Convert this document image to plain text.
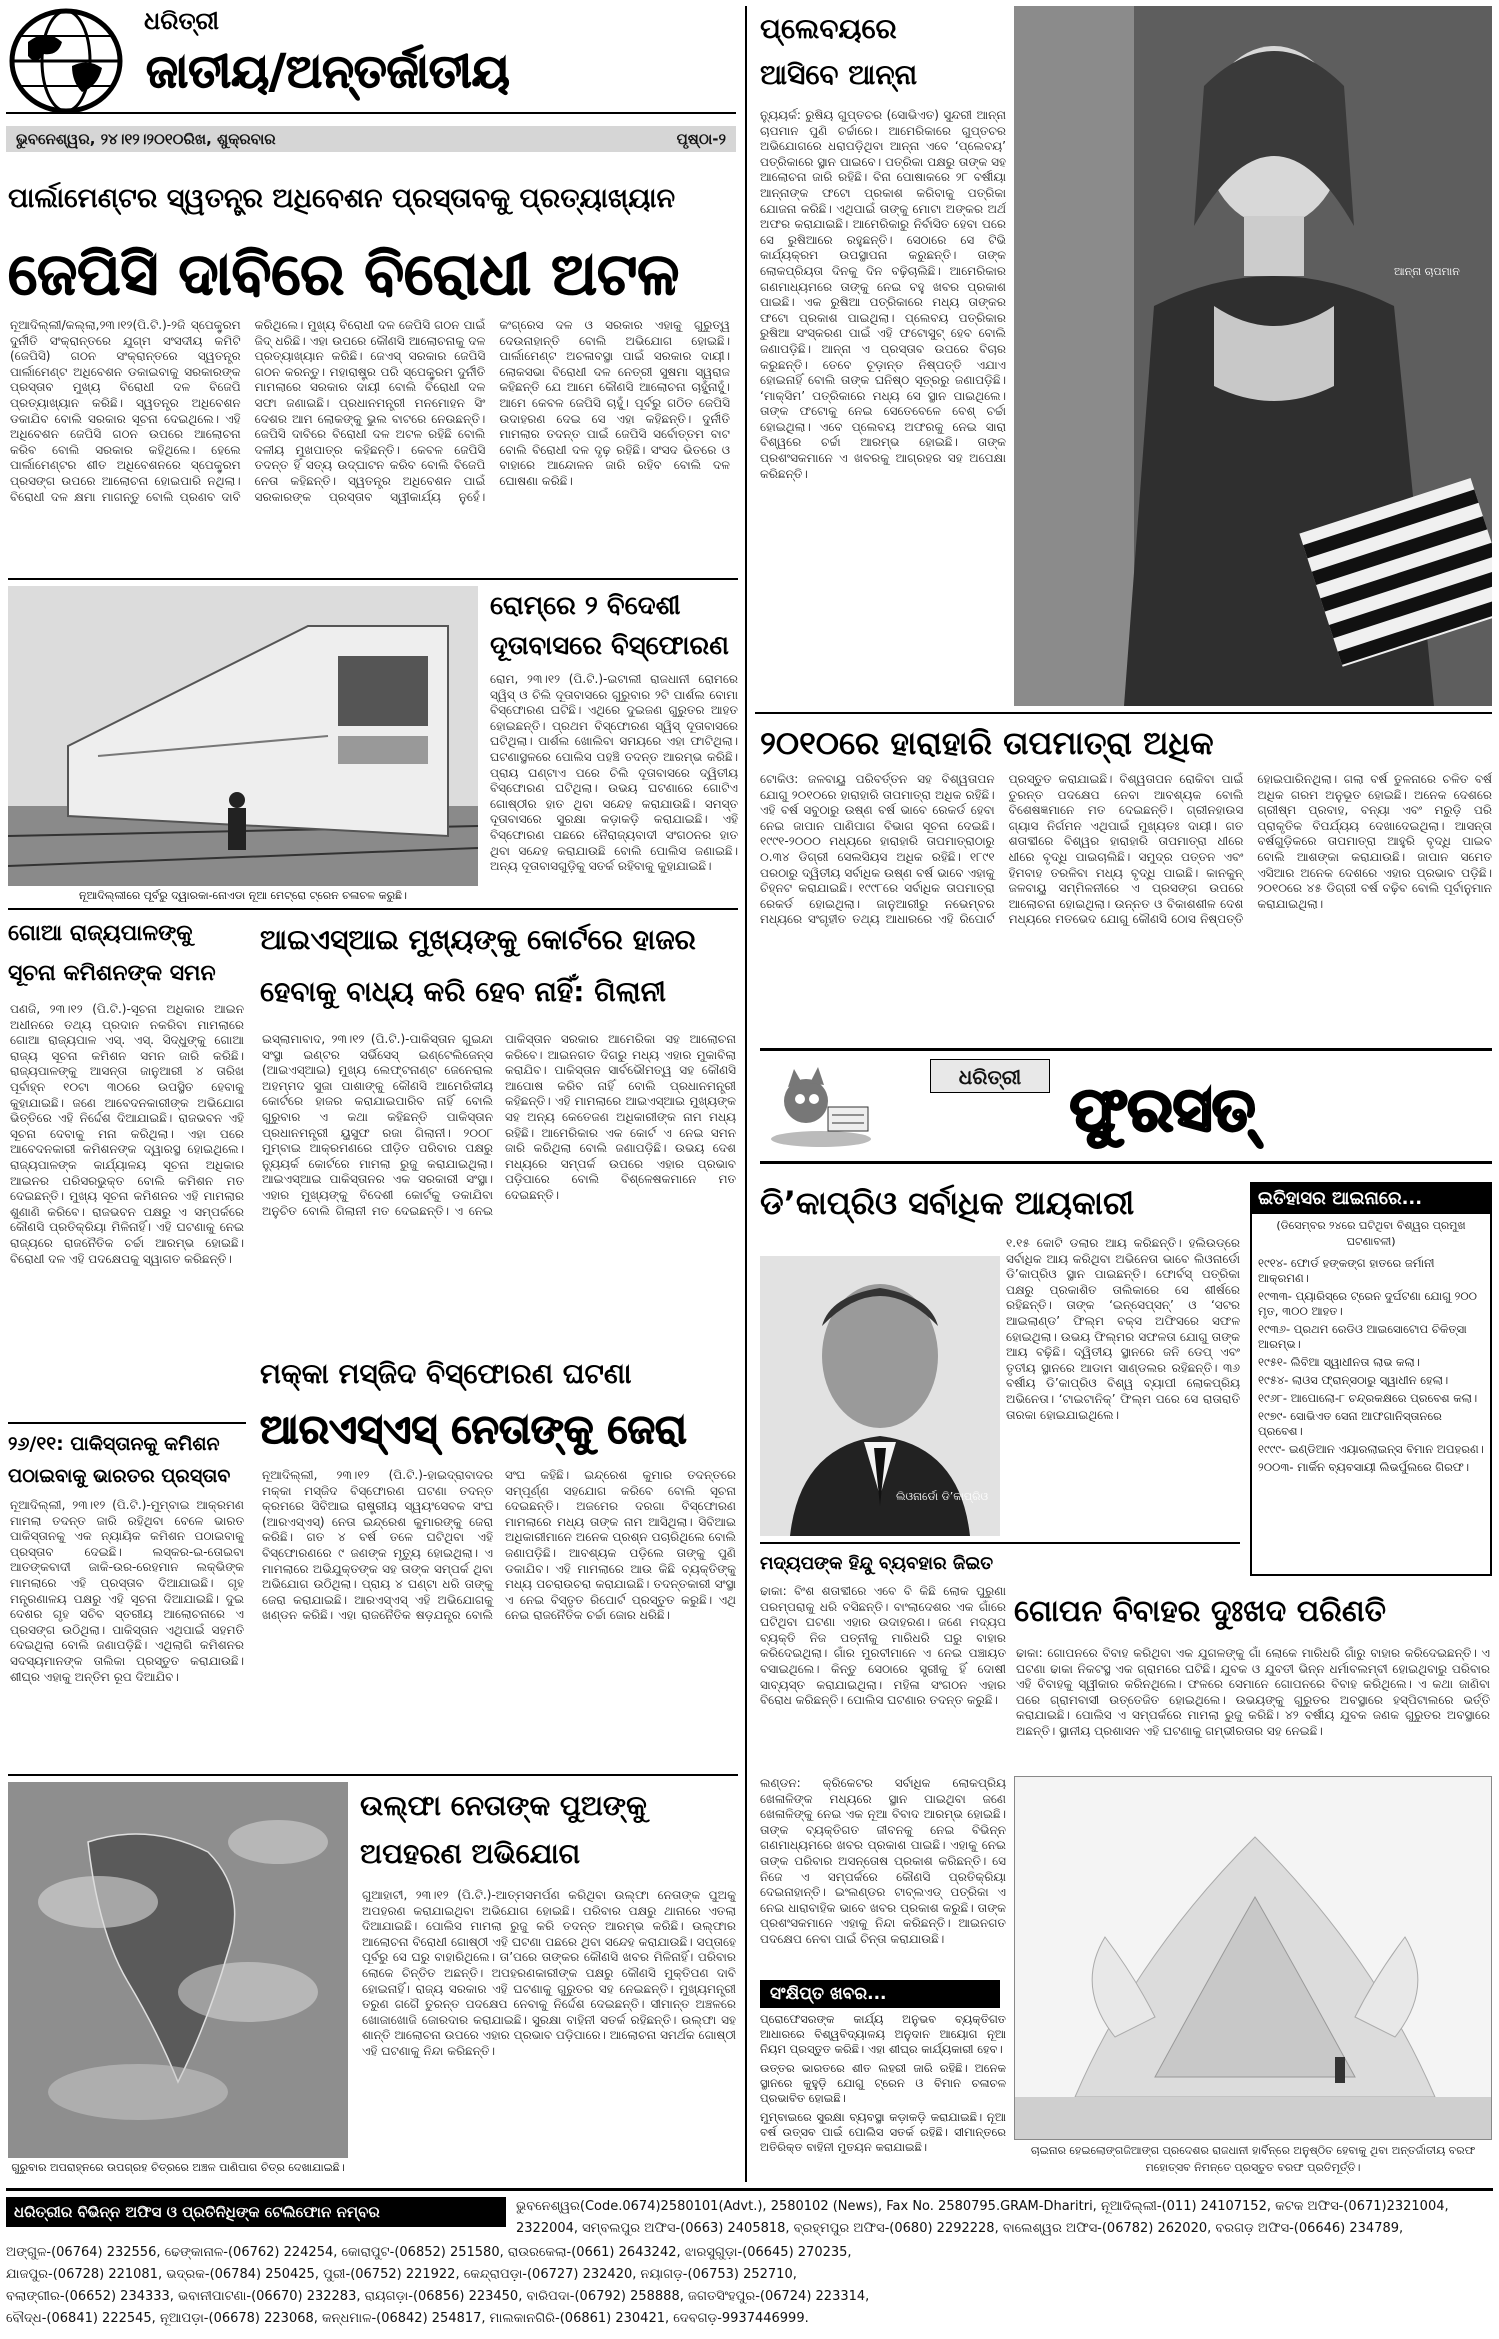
ଧରିତ୍ରୀ
ଜାତୀୟ/ଅନ୍ତର୍ଜାତୀୟ
ଭୁବନେଶ୍ୱର, ୨୪।୧୨।୨୦୧୦ରିଖ, ଶୁକ୍ରବାର	ପୃଷ୍ଠା-୨
ପାର୍ଲାମେଣ୍ଟର ସ୍ୱତନ୍ତ୍ର ଅଧିବେଶନ ପ୍ରସ୍ତାବକୁ ପ୍ରତ୍ୟାଖ୍ୟାନ
ଜେପିସି ଦାବିରେ ବିରୋଧୀ ଅଟଳ
ନୂଆଦିଲ୍ଲୀ/କଲ୍ଲା,୨୩।୧୨(ପି.ଟି.)-୨ଜି ସ୍ପେକ୍ଟ୍ରମ ଦୁର୍ନୀତି ସଂକ୍ରାନ୍ତରେ ଯୁଗ୍ମ ସଂସଦୀୟ କମିଟି (ଜେପିସି) ଗଠନ ସଂକ୍ରାନ୍ତରେ ସ୍ୱତନ୍ତ୍ର ପାର୍ଲାମେଣ୍ଟ ଅଧିବେଶନ ଡକାଇବାକୁ ସରକାରଙ୍କ ପ୍ରସ୍ତାବ ମୁଖ୍ୟ ବିରୋଧୀ ଦଳ ବିଜେପି ପ୍ରତ୍ୟାଖ୍ୟାନ କରିଛି। ସ୍ୱତନ୍ତ୍ର ଅଧିବେଶନ ଡକାଯିବ ବୋଲି ସରକାର ସୂଚନା ଦେଇଥିଲେ। ଏହି ଅଧିବେଶନ ଜେପିସି ଗଠନ ଉପରେ ଆଲୋଚନା କରିବ ବୋଲି ସରକାର କହିଥିଲେ। ହେଲେ ପାର୍ଲାମେଣ୍ଟର ଶୀତ ଅଧିବେଶନରେ ସ୍ପେକ୍ଟ୍ରମ ପ୍ରସଙ୍ଗ ଉପରେ ଆଲୋଚନା ହୋଇପାରି ନଥିଲା। ବିରୋଧୀ ଦଳ କ୍ଷମା ମାଗନ୍ତୁ ବୋଲି ପ୍ରଣବ ଦାବି କରିଥିଲେ। ମୁଖ୍ୟ ବିରୋଧୀ ଦଳ ଜେପିସି ଗଠନ ପାଇଁ ଜିଦ୍‌ ଧରିଛି। ଏହା ଉପରେ କୌଣସି ଆଲୋଚନାକୁ ଦଳ ପ୍ରତ୍ୟାଖ୍ୟାନ କରିଛି। ଜେଏସ୍‌ ସରକାର ଜେପିସି ଗଠନ କରନ୍ତୁ। ମହାରାଷ୍ଟ୍ର ପରି ସ୍ପେକ୍ଟ୍ରମ ଦୁର୍ନୀତି ମାମଲାରେ ସରକାର ଦାୟୀ ବୋଲି ବିରୋଧୀ ଦଳ ସଫା ଜଣାଇଛି। ପ୍ରଧାନମନ୍ତ୍ରୀ ମନମୋହନ ସିଂ ଦେଶର ଆମ ଲୋକଙ୍କୁ ଭୁଲ ବାଟରେ ନେଉଛନ୍ତି। ଜେପିସି ଦାବିରେ ବିରୋଧୀ ଦଳ ଅଟଳ ରହିଛି ବୋଲି ଦଳୀୟ ମୁଖପାତ୍ର କହିଛନ୍ତି। କେବଳ ଜେପିସି ତଦନ୍ତ ହିଁ ସତ୍ୟ ଉଦ୍‌ଘାଟନ କରିବ ବୋଲି ବିଜେପି ନେତା କହିଛନ୍ତି। ସ୍ୱତନ୍ତ୍ର ଅଧିବେଶନ ପାଇଁ ସରକାରଙ୍କ ପ୍ରସ୍ତାବ ସ୍ୱୀକାର୍ଯ୍ୟ ନୁହେଁ। କଂଗ୍ରେସ ଦଳ ଓ ସରକାର ଏହାକୁ ଗୁରୁତ୍ୱ ଦେଉନାହାନ୍ତି ବୋଲି ଅଭିଯୋଗ ହୋଇଛି। ପାର୍ଲାମେଣ୍ଟ ଅଚଳାବସ୍ଥା ପାଇଁ ସରକାର ଦାୟୀ। ଲୋକସଭା ବିରୋଧୀ ଦଳ ନେତ୍ରୀ ସୁଷମା ସ୍ୱରାଜ କହିଛନ୍ତି ଯେ ଆମେ କୌଣସି ଆଲୋଚନା ଚାହୁଁନାହୁଁ। ଆମେ କେବଳ ଜେପିସି ଚାହୁଁ। ପୂର୍ବରୁ ଗଠିତ ଜେପିସି ଉଦାହରଣ ଦେଇ ସେ ଏହା କହିଛନ୍ତି। ଦୁର୍ନୀତି ମାମଲାର ତଦନ୍ତ ପାଇଁ ଜେପିସି ସର୍ବୋତ୍ତମ ବାଟ ବୋଲି ବିରୋଧୀ ଦଳ ଦୃଢ଼ ରହିଛି। ସଂସଦ ଭିତରେ ଓ ବାହାରେ ଆନ୍ଦୋଳନ ଜାରି ରହିବ ବୋଲି ଦଳ ଘୋଷଣା କରିଛି।
ନୂଆଦିଲ୍ଲୀରେ ପୂର୍ବରୁ ଦ୍ୱାରକା-ନୋଏଡା ନୂଆ ମେଟ୍ରୋ ଟ୍ରେନ ଚଳାଚଳ କରୁଛି।
ରୋମ୍‌ରେ ୨ ବିଦେଶୀ
ଦୂତାବାସରେ ବିସ୍ଫୋରଣ
ରୋମ, ୨୩।୧୨ (ପି.ଟି.)-ଇଟାଲୀ ରାଜଧାନୀ ରୋମରେ ସ୍ୱିସ୍ ଓ ଚିଲି ଦୂତାବାସରେ ଗୁରୁବାର ୨ଟି ପାର୍ଶଲ ବୋମା ବିସ୍ଫୋରଣ ଘଟିଛି। ଏଥିରେ ଦୁଇଜଣ ଗୁରୁତର ଆହତ ହୋଇଛନ୍ତି। ପ୍ରଥମ ବିସ୍ଫୋରଣ ସ୍ୱିସ୍ ଦୂତାବାସରେ ଘଟିଥିଲା। ପାର୍ଶଲ ଖୋଲିବା ସମୟରେ ଏହା ଫାଟିଥିଲା। ଘଟଣାସ୍ଥଳରେ ପୋଲିସ ପହଞ୍ଚି ତଦନ୍ତ ଆରମ୍ଭ କରିଛି। ପ୍ରାୟ ଘଣ୍ଟାଏ ପରେ ଚିଲି ଦୂତାବାସରେ ଦ୍ୱିତୀୟ ବିସ୍ଫୋରଣ ଘଟିଥିଲା। ଉଭୟ ଘଟଣାରେ ଗୋଟିଏ ଗୋଷ୍ଠୀର ହାତ ଥିବା ସନ୍ଦେହ କରାଯାଉଛି। ସମସ୍ତ ଦୂତାବାସରେ ସୁରକ୍ଷା କଡ଼ାକଡ଼ି କରାଯାଇଛି। ଏହି ବିସ୍ଫୋରଣ ପଛରେ ନୈରାଜ୍ୟବାଦୀ ସଂଗଠନର ହାତ ଥିବା ସନ୍ଦେହ କରାଯାଉଛି ବୋଲି ପୋଲିସ ଜଣାଇଛି। ଅନ୍ୟ ଦୂତାବାସଗୁଡ଼ିକୁ ସତର୍କ ରହିବାକୁ କୁହାଯାଇଛି।
ଗୋଆ ରାଜ୍ୟପାଳଙ୍କୁ
ସୂଚନା କମିଶନଙ୍କ ସମନ
ପଣଜି, ୨୩।୧୨ (ପି.ଟି.)-ସୂଚନା ଅଧିକାର ଆଇନ ଅଧୀନରେ ତଥ୍ୟ ପ୍ରଦାନ ନକରିବା ମାମଲାରେ ଗୋଆ ରାଜ୍ୟପାଳ ଏସ୍. ଏସ୍. ସିଦ୍ଧୁଙ୍କୁ ଗୋଆ ରାଜ୍ୟ ସୂଚନା କମିଶନ ସମନ ଜାରି କରିଛି। ରାଜ୍ୟପାଳଙ୍କୁ ଆସନ୍ତା ଜାନୁଆରୀ ୪ ତାରିଖ ପୂର୍ବାହ୍ନ ୧୦ଟା ୩୦ରେ ଉପସ୍ଥିତ ହେବାକୁ କୁହାଯାଇଛି। ଜଣେ ଆବେଦନକାରୀଙ୍କ ଅଭିଯୋଗ ଭିତ୍ତିରେ ଏହି ନିର୍ଦ୍ଦେଶ ଦିଆଯାଇଛି। ରାଜଭବନ ଏହି ସୂଚନା ଦେବାକୁ ମନା କରିଥିଲା। ଏହା ପରେ ଆବେଦନକାରୀ କମିଶନଙ୍କ ଦ୍ୱାରସ୍ଥ ହୋଇଥିଲେ। ରାଜ୍ୟପାଳଙ୍କ କାର୍ଯ୍ୟାଳୟ ସୂଚନା ଅଧିକାର ଆଇନର ପରିସରଭୁକ୍ତ ବୋଲି କମିଶନ ମତ ଦେଇଛନ୍ତି। ମୁଖ୍ୟ ସୂଚନା କମିଶନର ଏହି ମାମଲାର ଶୁଣାଣି କରିବେ। ରାଜଭବନ ପକ୍ଷରୁ ଏ ସମ୍ପର୍କରେ କୌଣସି ପ୍ରତିକ୍ରିୟା ମିଳିନାହିଁ। ଏହି ଘଟଣାକୁ ନେଇ ରାଜ୍ୟରେ ରାଜନୈତିକ ଚର୍ଚ୍ଚା ଆରମ୍ଭ ହୋଇଛି। ବିରୋଧୀ ଦଳ ଏହି ପଦକ୍ଷେପକୁ ସ୍ୱାଗତ କରିଛନ୍ତି।
ଆଇଏସ୍ଆଇ ମୁଖ୍ୟଙ୍କୁ କୋର୍ଟରେ ହାଜର
ହେବାକୁ ବାଧ୍ୟ କରି ହେବ ନାହିଁ: ଗିଲାନୀ
ଇସ୍‌ଲାମାବାଦ, ୨୩।୧୨ (ପି.ଟି.)-ପାକିସ୍ତାନ ଗୁଇନ୍ଦା ସଂସ୍ଥା ଇଣ୍ଟର ସର୍ଭିସେସ୍‌ ଇଣ୍ଟେଲିଜେନ୍ସ (ଆଇଏସ୍ଆଇ) ମୁଖ୍ୟ ଲେଫ୍ଟନାଣ୍ଟ ଜେନେରାଲ ଅହମ୍ମଦ ସୁଜା ପାଶାଙ୍କୁ କୌଣସି ଆମେରିକୀୟ କୋର୍ଟରେ ହାଜର କରାଯାଇପାରିବ ନାହିଁ ବୋଲି ଗୁରୁବାର ଏ କଥା କହିଛନ୍ତି ପାକିସ୍ତାନ ପ୍ରଧାନମନ୍ତ୍ରୀ ୟୁସୁଫ ରଜା ଗିଲାନୀ। ୨୦୦୮ ମୁମ୍ବାଇ ଆକ୍ରମଣରେ ପୀଡ଼ିତ ପରିବାର ପକ୍ଷରୁ ନ୍ୟୁୟର୍କ କୋର୍ଟରେ ମାମଲା ରୁଜୁ କରାଯାଇଥିଲା। ଆଇଏସ୍ଆଇ ପାକିସ୍ତାନର ଏକ ସରକାରୀ ସଂସ୍ଥା। ଏହାର ମୁଖ୍ୟଙ୍କୁ ବିଦେଶୀ କୋର୍ଟକୁ ଡକାଯିବା ଅନୁଚିତ ବୋଲି ଗିଲାନୀ ମତ ଦେଇଛନ୍ତି। ଏ ନେଇ ପାକିସ୍ତାନ ସରକାର ଆମେରିକା ସହ ଆଲୋଚନା କରିବେ। ଆଇନଗତ ଦିଗରୁ ମଧ୍ୟ ଏହାର ମୁକାବିଲା କରାଯିବ। ପାକିସ୍ତାନ ସାର୍ବଭୌମତ୍ୱ ସହ କୌଣସି ଆପୋଷ କରିବ ନାହିଁ ବୋଲି ପ୍ରଧାନମନ୍ତ୍ରୀ କହିଛନ୍ତି। ଏହି ମାମଲାରେ ଆଇଏସ୍ଆଇ ମୁଖ୍ୟଙ୍କ ସହ ଅନ୍ୟ କେତେଜଣ ଅଧିକାରୀଙ୍କ ନାମ ମଧ୍ୟ ରହିଛି। ଆମେରିକାର ଏକ କୋର୍ଟ ଏ ନେଇ ସମନ ଜାରି କରିଥିଲା ବୋଲି ଜଣାପଡ଼ିଛି। ଉଭୟ ଦେଶ ମଧ୍ୟରେ ସମ୍ପର୍କ ଉପରେ ଏହାର ପ୍ରଭାବ ପଡ଼ିପାରେ ବୋଲି ବିଶ୍ଳେଷକମାନେ ମତ ଦେଇଛନ୍ତି।
ମକ୍କା ମସ୍‌ଜିଦ ବିସ୍ଫୋରଣ ଘଟଣା
ଆରଏସ୍ଏସ୍ ନେତାଙ୍କୁ ଜେରା
ନୂଆଦିଲ୍ଲୀ, ୨୩।୧୨ (ପି.ଟି.)-ହାଇଦ୍ରାବାଦର ମକ୍କା ମସ୍‌ଜିଦ ବିସ୍ଫୋରଣ ଘଟଣା ତଦନ୍ତ କ୍ରମରେ ସିବିଆଇ ରାଷ୍ଟ୍ରୀୟ ସ୍ୱୟଂସେବକ ସଂଘ (ଆରଏସ୍ଏସ୍) ନେତା ଇନ୍ଦ୍ରେଶ କୁମାରଙ୍କୁ ଜେରା କରିଛି। ଗତ ୪ ବର୍ଷ ତଳେ ଘଟିଥିବା ଏହି ବିସ୍ଫୋରଣରେ ୯ ଜଣଙ୍କ ମୃତ୍ୟୁ ହୋଇଥିଲା। ଏ ମାମଲାରେ ଅଭିଯୁକ୍ତଙ୍କ ସହ ତାଙ୍କ ସମ୍ପର୍କ ଥିବା ଅଭିଯୋଗ ଉଠିଥିଲା। ପ୍ରାୟ ୪ ଘଣ୍ଟା ଧରି ତାଙ୍କୁ ଜେରା କରାଯାଇଛି। ଆରଏସ୍ଏସ୍ ଏହି ଅଭିଯୋଗକୁ ଖଣ୍ଡନ କରିଛି। ଏହା ରାଜନୈତିକ ଷଡ଼ଯନ୍ତ୍ର ବୋଲି ସଂଘ କହିଛି। ଇନ୍ଦ୍ରେଶ କୁମାର ତଦନ୍ତରେ ସମ୍ପୂର୍ଣ୍ଣ ସହଯୋଗ କରିବେ ବୋଲି ସୂଚନା ଦେଇଛନ୍ତି। ଅଜମେର ଦରଗା ବିସ୍ଫୋରଣ ମାମଲାରେ ମଧ୍ୟ ତାଙ୍କ ନାମ ଆସିଥିଲା। ସିବିଆଇ ଅଧିକାରୀମାନେ ଅନେକ ପ୍ରଶ୍ନ ପଚାରିଥିଲେ ବୋଲି ଜଣାପଡ଼ିଛି। ଆବଶ୍ୟକ ପଡ଼ିଲେ ତାଙ୍କୁ ପୁଣି ଡକାଯିବ। ଏହି ମାମଲାରେ ଆଉ କିଛି ବ୍ୟକ୍ତିଙ୍କୁ ମଧ୍ୟ ପଚରାଉଚରା କରାଯାଇଛି। ତଦନ୍ତକାରୀ ସଂସ୍ଥା ଏ ନେଇ ବିସ୍ତୃତ ରିପୋର୍ଟ ପ୍ରସ୍ତୁତ କରୁଛି। ଏଥି ନେଇ ରାଜନୈତିକ ଚର୍ଚ୍ଚା ଜୋର ଧରିଛି।
୨୬/୧୧: ପାକିସ୍ତାନକୁ କମିଶନ ପଠାଇବାକୁ ଭାରତର ପ୍ରସ୍ତାବ
ନୂଆଦିଲ୍ଲୀ, ୨୩।୧୨ (ପି.ଟି.)-ମୁମ୍ବାଇ ଆକ୍ରମଣ ମାମଲା ତଦନ୍ତ ଜାରି ରହିଥିବା ବେଳେ ଭାରତ ପାକିସ୍ତାନକୁ ଏକ ନ୍ୟାୟିକ କମିଶନ ପଠାଇବାକୁ ପ୍ରସ୍ତାବ ଦେଇଛି। ଲସ୍କର-ଇ-ତୋଇବା ଆତଙ୍କବାଦୀ ଜାକି-ଉର-ରେହମାନ ଲକ୍‌ଭିଙ୍କ ମାମଲାରେ ଏହି ପ୍ରସ୍ତାବ ଦିଆଯାଇଛି। ଗୃହ ମନ୍ତ୍ରଣାଳୟ ପକ୍ଷରୁ ଏହି ସୂଚନା ଦିଆଯାଇଛି। ଦୁଇ ଦେଶର ଗୃହ ସଚିବ ସ୍ତରୀୟ ଆଲୋଚନାରେ ଏ ପ୍ରସଙ୍ଗ ଉଠିଥିଲା। ପାକିସ୍ତାନ ଏଥିପାଇଁ ସହମତି ଦେଇଥିଲା ବୋଲି ଜଣାପଡ଼ିଛି। ଏଥିଲାଗି କମିଶନର ସଦସ୍ୟମାନଙ୍କ ତାଲିକା ପ୍ରସ୍ତୁତ କରାଯାଉଛି। ଶୀଘ୍ର ଏହାକୁ ଅନ୍ତିମ ରୂପ ଦିଆଯିବ।
ଗୁରୁବାର ଅପରାହ୍ନରେ ଉପଗ୍ରହ ଚିତ୍ରରେ ଅଞ୍ଚଳ ପାଣିପାଗ ଚିତ୍ର ଦେଖାଯାଇଛି।
ଉଲ୍‌ଫା ନେତାଙ୍କ ପୁଅଙ୍କୁ
ଅପହରଣ ଅଭିଯୋଗ
ଗୁଆହାଟୀ, ୨୩।୧୨ (ପି.ଟି.)-ଆତ୍ମସମର୍ପଣ କରିଥିବା ଉଲ୍‌ଫା ନେତାଙ୍କ ପୁଅକୁ ଅପହରଣ କରାଯାଇଥିବା ଅଭିଯୋଗ ହୋଇଛି। ପରିବାର ପକ୍ଷରୁ ଥାନାରେ ଏତଲା ଦିଆଯାଇଛି। ପୋଲିସ ମାମଲା ରୁଜୁ କରି ତଦନ୍ତ ଆରମ୍ଭ କରିଛି। ଉଲ୍‌ଫାର ଆଲୋଚନା ବିରୋଧୀ ଗୋଷ୍ଠୀ ଏହି ଘଟଣା ପଛରେ ଥିବା ସନ୍ଦେହ କରାଯାଉଛି। ସପ୍ତାହେ ପୂର୍ବରୁ ସେ ଘରୁ ବାହାରିଥିଲେ। ତା’ପରେ ତାଙ୍କର କୌଣସି ଖବର ମିଳିନାହିଁ। ପରିବାର ଲୋକେ ଚିନ୍ତିତ ଅଛନ୍ତି। ଅପହରଣକାରୀଙ୍କ ପକ୍ଷରୁ କୌଣସି ମୁକ୍ତିପଣ ଦାବି ହୋଇନାହିଁ। ରାଜ୍ୟ ସରକାର ଏହି ଘଟଣାକୁ ଗୁରୁତର ସହ ନେଇଛନ୍ତି। ମୁଖ୍ୟମନ୍ତ୍ରୀ ତରୁଣ ଗଗୈ ତୁରନ୍ତ ପଦକ୍ଷେପ ନେବାକୁ ନିର୍ଦ୍ଦେଶ ଦେଇଛନ୍ତି। ସୀମାନ୍ତ ଅଞ୍ଚଳରେ ଖୋଜାଖୋଜି ଜୋରଦାର କରାଯାଇଛି। ସୁରକ୍ଷା ବାହିନୀ ସତର୍କ ରହିଛନ୍ତି। ଉଲ୍‌ଫା ସହ ଶାନ୍ତି ଆଲୋଚନା ଉପରେ ଏହାର ପ୍ରଭାବ ପଡ଼ିପାରେ। ଆଲୋଚନା ସମର୍ଥକ ଗୋଷ୍ଠୀ ଏହି ଘଟଣାକୁ ନିନ୍ଦା କରିଛନ୍ତି।
ପ୍ଲେବୟରେ
ଆସିବେ ଆନ୍ନା
ନ୍ୟୁୟର୍କ: ରୁଷିୟ ଗୁପ୍ତଚର (ସୋଭିଏତ) ସୁନ୍ଦରୀ ଆନ୍ନା ଚାପମାନ ପୁଣି ଚର୍ଚ୍ଚାରେ। ଆମେରିକାରେ ଗୁପ୍ତଚର ଅଭିଯୋଗରେ ଧରାପଡ଼ିଥିବା ଆନ୍ନା ଏବେ ‘ପ୍ଲେବୟ’ ପତ୍ରିକାରେ ସ୍ଥାନ ପାଇବେ। ପତ୍ରିକା ପକ୍ଷରୁ ତାଙ୍କ ସହ ଆଲୋଚନା ଜାରି ରହିଛି। ବିନା ପୋଷାକରେ ୨୮ ବର୍ଷୀୟା ଆନ୍ନାଙ୍କ ଫଟୋ ପ୍ରକାଶ କରିବାକୁ ପତ୍ରିକା ଯୋଜନା କରିଛି। ଏଥିପାଇଁ ତାଙ୍କୁ ମୋଟା ଅଙ୍କର ଅର୍ଥ ଅଫର କରାଯାଇଛି। ଆମେରିକାରୁ ନିର୍ବାସିତ ହେବା ପରେ ସେ ରୁଷିଆରେ ରହୁଛନ୍ତି। ସେଠାରେ ସେ ଟିଭି କାର୍ଯ୍ୟକ୍ରମ ଉପସ୍ଥାପନା କରୁଛନ୍ତି। ତାଙ୍କ ଲୋକପ୍ରିୟତା ଦିନକୁ ଦିନ ବଢ଼ିଚାଲିଛି। ଆମେରିକାର ଗଣମାଧ୍ୟମରେ ତାଙ୍କୁ ନେଇ ବହୁ ଖବର ପ୍ରକାଶ ପାଇଛି। ଏକ ରୁଷିଆ ପତ୍ରିକାରେ ମଧ୍ୟ ତାଙ୍କର ଫଟୋ ପ୍ରକାଶ ପାଇଥିଲା। ପ୍ଲେବୟ ପତ୍ରିକାର ରୁଷିଆ ସଂସ୍କରଣ ପାଇଁ ଏହି ଫଟୋସୁଟ୍ ହେବ ବୋଲି ଜଣାପଡ଼ିଛି। ଆନ୍ନା ଏ ପ୍ରସ୍ତାବ ଉପରେ ବିଚାର କରୁଛନ୍ତି। ତେବେ ଚୂଡ଼ାନ୍ତ ନିଷ୍ପତ୍ତି ଏଯାଏ ହୋଇନାହିଁ ବୋଲି ତାଙ୍କ ଘନିଷ୍ଠ ସୂତ୍ରରୁ ଜଣାପଡ଼ିଛି। ‘ମାକ୍ସିମ’ ପତ୍ରିକାରେ ମଧ୍ୟ ସେ ସ୍ଥାନ ପାଇଥିଲେ। ତାଙ୍କ ଫଟୋକୁ ନେଇ ସେତେବେଳେ ବେଶ୍ ଚର୍ଚ୍ଚା ହୋଇଥିଲା। ଏବେ ପ୍ଲେବୟ ଅଫରକୁ ନେଇ ସାରା ବିଶ୍ୱରେ ଚର୍ଚ୍ଚା ଆରମ୍ଭ ହୋଇଛି। ତାଙ୍କ ପ୍ରଶଂସକମାନେ ଏ ଖବରକୁ ଆଗ୍ରହର ସହ ଅପେକ୍ଷା କରିଛନ୍ତି।
ଆନ୍ନା ଚାପମାନ
୨୦୧୦ରେ ହାରାହାରି ତାପମାତ୍ରା ଅଧିକ
ଟୋକିଓ: ଜଳବାୟୁ ପରିବର୍ତ୍ତନ ସହ ବିଶ୍ୱତାପନ ଯୋଗୁ ୨୦୧୦ରେ ହାରାହାରି ତାପମାତ୍ରା ଅଧିକ ରହିଛି। ଏହି ବର୍ଷ ସବୁଠାରୁ ଉଷ୍ଣ ବର୍ଷ ଭାବେ ରେକର୍ଡ ହେବା ନେଇ ଜାପାନ ପାଣିପାଗ ବିଭାଗ ସୂଚନା ଦେଇଛି। ୧୯୯୧-୨୦୦୦ ମଧ୍ୟରେ ହାରାହାରି ତାପମାତ୍ରାଠାରୁ ୦.୩୪ ଡିଗ୍ରୀ ସେଲସିୟସ ଅଧିକ ରହିଛି। ୧୮୯୧ ପରଠାରୁ ଦ୍ୱିତୀୟ ସର୍ବାଧିକ ଉଷ୍ଣ ବର୍ଷ ଭାବେ ଏହାକୁ ଚିହ୍ନଟ କରାଯାଇଛି। ୧୯୯୮ରେ ସର୍ବାଧିକ ତାପମାତ୍ରା ରେକର୍ଡ ହୋଇଥିଲା। ଜାନୁଆରୀରୁ ନଭେମ୍ବର ମଧ୍ୟରେ ସଂଗୃହୀତ ତଥ୍ୟ ଆଧାରରେ ଏହି ରିପୋର୍ଟ ପ୍ରସ୍ତୁତ କରାଯାଇଛି। ବିଶ୍ୱତାପନ ରୋକିବା ପାଇଁ ତୁରନ୍ତ ପଦକ୍ଷେପ ନେବା ଆବଶ୍ୟକ ବୋଲି ବିଶେଷଜ୍ଞମାନେ ମତ ଦେଇଛନ୍ତି। ଗ୍ରୀନହାଉସ ଗ୍ୟାସ ନିର୍ଗମନ ଏଥିପାଇଁ ମୁଖ୍ୟତଃ ଦାୟୀ। ଗତ ଶତାବ୍ଦୀରେ ବିଶ୍ୱର ହାରାହାରି ତାପମାତ୍ରା ଧୀରେ ଧୀରେ ବୃଦ୍ଧି ପାଇଚାଲିଛି। ସମୁଦ୍ର ପତ୍ତନ ଏବଂ ହିମବାହ ତରଳିବା ମଧ୍ୟ ବୃଦ୍ଧି ପାଇଛି। କାନକୁନ୍ ଜଳବାୟୁ ସମ୍ମିଳନୀରେ ଏ ପ୍ରସଙ୍ଗ ଉପରେ ଆଲୋଚନା ହୋଇଥିଲା। ଉନ୍ନତ ଓ ବିକାଶଶୀଳ ଦେଶ ମଧ୍ୟରେ ମତଭେଦ ଯୋଗୁ କୌଣସି ଠୋସ ନିଷ୍ପତ୍ତି ହୋଇପାରିନଥିଲା। ଗଲା ବର୍ଷ ତୁଳନାରେ ଚଳିତ ବର୍ଷ ଅଧିକ ଗରମ ଅନୁଭୂତ ହୋଇଛି। ଅନେକ ଦେଶରେ ଗ୍ରୀଷ୍ମ ପ୍ରବାହ, ବନ୍ୟା ଏବଂ ମରୁଡ଼ି ପରି ପ୍ରାକୃତିକ ବିପର୍ଯ୍ୟୟ ଦେଖାଦେଇଥିଲା। ଆସନ୍ତା ବର୍ଷଗୁଡ଼ିକରେ ତାପମାତ୍ରା ଆହୁରି ବୃଦ୍ଧି ପାଇବ ବୋଲି ଆଶଙ୍କା କରାଯାଉଛି। ଜାପାନ ସମେତ ଏସିଆର ଅନେକ ଦେଶରେ ଏହାର ପ୍ରଭାବ ପଡ଼ିଛି। ୨୦୧୦ରେ ୪୫ ଡିଗ୍ରୀ ବର୍ଷ ବଢ଼ିବ ବୋଲି ପୂର୍ବାନୁମାନ କରାଯାଇଥିଲା।
ଧରିତ୍ରୀ ଫୁରସତ୍
ଡି’କାପ୍ରିଓ ସର୍ବାଧିକ ଆୟକାରୀ
ଲିଓନାର୍ଡୋ ଡି’କାପ୍ରିଓ
୧.୧୫ କୋଟି ଡଲାର ଆୟ କରିଛନ୍ତି। ହଲିଉଡ୍‌ରେ ସର୍ବାଧିକ ଆୟ କରିଥିବା ଅଭିନେତା ଭାବେ ଲିଓନାର୍ଡୋ ଡି’କାପ୍ରିଓ ସ୍ଥାନ ପାଇଛନ୍ତି। ଫୋର୍ବସ୍ ପତ୍ରିକା ପକ୍ଷରୁ ପ୍ରକାଶିତ ତାଲିକାରେ ସେ ଶୀର୍ଷରେ ରହିଛନ୍ତି। ତାଙ୍କ ‘ଇନ୍‌ସେପ୍‌ସନ୍’ ଓ ‘ସଟର ଆଇଲାଣ୍ଡ’ ଫିଲ୍ମ ବକ୍ସ ଅଫିସରେ ସଫଳ ହୋଇଥିଲା। ଉଭୟ ଫିଲ୍ମର ସଫଳତା ଯୋଗୁ ତାଙ୍କ ଆୟ ବଢ଼ିଛି। ଦ୍ୱିତୀୟ ସ୍ଥାନରେ ଜନି ଡେପ୍ ଏବଂ ତୃତୀୟ ସ୍ଥାନରେ ଆଡାମ ସାଣ୍ଡଲର ରହିଛନ୍ତି। ୩୬ ବର୍ଷୀୟ ଡି’କାପ୍ରିଓ ବିଶ୍ୱ ବ୍ୟାପୀ ଲୋକପ୍ରିୟ ଅଭିନେତା। ‘ଟାଇଟାନିକ୍’ ଫିଲ୍ମ ପରେ ସେ ରାତାରାତି ତାରକା ହୋଇଯାଇଥିଲେ।
ଇତିହାସର ଆଇନାରେ...
(ଡିସେମ୍ବର ୨୪ରେ ଘଟିଥିବା ବିଶ୍ୱର ପ୍ରମୁଖ ଘଟଣାବଳୀ)
୧୯୧୪- ଫୋର୍ଡ ହଙ୍କଙ୍ଗ ହାତରେ ଜର୍ମାନୀ ଆକ୍ରମଣ।
୧୯୩୩- ପ୍ୟାରିସ୍‌ରେ ଟ୍ରେନ ଦୁର୍ଘଟଣା ଯୋଗୁ ୨୦୦ ମୃତ, ୩୦୦ ଆହତ।
୧୯୩୬- ପ୍ରଥମ ରେଡିଓ ଆଇସୋଟୋପ ଚିକିତ୍ସା ଆରମ୍ଭ।
୧୯୫୧- ଲିବିଆ ସ୍ୱାଧୀନତା ଲାଭ କଲା।
୧୯୫୪- ଲାଓସ ଫ୍ରାନ୍ସଠାରୁ ସ୍ୱାଧୀନ ହେଲା।
୧୯୬୮- ଆପୋଲୋ-୮ ଚନ୍ଦ୍ରକକ୍ଷରେ ପ୍ରବେଶ କଲା।
୧୯୭୯- ସୋଭିଏତ ସେନା ଆଫଗାନିସ୍ତାନରେ ପ୍ରବେଶ।
୧୯୯୯- ଇଣ୍ଡିଆନ ଏୟାରଲାଇନ୍ସ ବିମାନ ଅପହରଣ।
୨୦୦୩- ମାର୍କିନ ବ୍ୟବସାୟୀ ଲିଭର୍ପୁଲରେ ଗିରଫ।
ମଦ୍ୟପଙ୍କ ହିନ୍ଦୁ ବ୍ୟବହାର ଜିଇତ
ଢାକା: ବିଂଶ ଶତାବ୍ଦୀରେ ଏବେ ବି କିଛି ଲୋକ ପୁରୁଣା ପରମ୍ପରାକୁ ଧରି ବସିଛନ୍ତି। ବାଂଲାଦେଶର ଏକ ଗାଁରେ ଘଟିଥିବା ଘଟଣା ଏହାର ଉଦାହରଣ। ଜଣେ ମଦ୍ୟପ ବ୍ୟକ୍ତି ନିଜ ପତ୍ନୀକୁ ମାରିଧରି ଘରୁ ବାହାର କରିଦେଇଥିଲା। ଗାଁର ମୁରବୀମାନେ ଏ ନେଇ ପଞ୍ଚାୟତ ବସାଇଥିଲେ। କିନ୍ତୁ ସେଠାରେ ସ୍ତ୍ରୀକୁ ହିଁ ଦୋଷୀ ସାବ୍ୟସ୍ତ କରାଯାଇଥିଲା। ମହିଳା ସଂଗଠନ ଏହାର ବିରୋଧ କରିଛନ୍ତି। ପୋଲିସ ଘଟଣାର ତଦନ୍ତ କରୁଛି।
ଗୋପନ ବିବାହର ଦୁଃଖଦ ପରିଣତି
ଢାକା: ଗୋପନରେ ବିବାହ କରିଥିବା ଏକ ଯୁଗଳଙ୍କୁ ଗାଁ ଲୋକେ ମାରିଧରି ଗାଁରୁ ବାହାର କରିଦେଇଛନ୍ତି। ଏ ଘଟଣା ଢାକା ନିକଟସ୍ଥ ଏକ ଗ୍ରାମରେ ଘଟିଛି। ଯୁବକ ଓ ଯୁବତୀ ଭିନ୍ନ ଧର୍ମାବଲମ୍ବୀ ହୋଇଥିବାରୁ ପରିବାର ଏହି ବିବାହକୁ ସ୍ୱୀକାର କରିନଥିଲେ। ଫଳରେ ସେମାନେ ଗୋପନରେ ବିବାହ କରିଥିଲେ। ଏ କଥା ଜାଣିବା ପରେ ଗ୍ରାମବାସୀ ଉତ୍ତେଜିତ ହୋଇଥିଲେ। ଉଭୟଙ୍କୁ ଗୁରୁତର ଅବସ୍ଥାରେ ହସ୍ପିଟାଲରେ ଭର୍ତ୍ତି କରାଯାଇଛି। ପୋଲିସ ଏ ସମ୍ପର୍କରେ ମାମଲା ରୁଜୁ କରିଛି। ୪୨ ବର୍ଷୀୟ ଯୁବକ ଜଣକ ଗୁରୁତର ଅବସ୍ଥାରେ ଅଛନ୍ତି। ସ୍ଥାନୀୟ ପ୍ରଶାସନ ଏହି ଘଟଣାକୁ ଗମ୍ଭୀରତାର ସହ ନେଇଛି।
ଲଣ୍ଡନ: କ୍ରିକେଟର ସର୍ବାଧିକ ଲୋକପ୍ରିୟ ଖେଳାଳିଙ୍କ ମଧ୍ୟରେ ସ୍ଥାନ ପାଇଥିବା ଜଣେ ଖେଳାଳିଙ୍କୁ ନେଇ ଏକ ନୂଆ ବିବାଦ ଆରମ୍ଭ ହୋଇଛି। ତାଙ୍କ ବ୍ୟକ୍ତିଗତ ଜୀବନକୁ ନେଇ ବିଭିନ୍ନ ଗଣମାଧ୍ୟମରେ ଖବର ପ୍ରକାଶ ପାଇଛି। ଏହାକୁ ନେଇ ତାଙ୍କ ପରିବାର ଅସନ୍ତୋଷ ପ୍ରକାଶ କରିଛନ୍ତି। ସେ ନିଜେ ଏ ସମ୍ପର୍କରେ କୌଣସି ପ୍ରତିକ୍ରିୟା ଦେଇନାହାନ୍ତି। ଇଂଲଣ୍ଡର ଟାବ୍‌ଲଏଡ୍ ପତ୍ରିକା ଏ ନେଇ ଧାରାବାହିକ ଭାବେ ଖବର ପ୍ରକାଶ କରୁଛି। ତାଙ୍କ ପ୍ରଶଂସକମାନେ ଏହାକୁ ନିନ୍ଦା କରିଛନ୍ତି। ଆଇନଗତ ପଦକ୍ଷେପ ନେବା ପାଇଁ ଚିନ୍ତା କରାଯାଉଛି।
ସଂକ୍ଷିପ୍ତ ଖବର...
ପ୍ରୋଫେସରଙ୍କ କାର୍ଯ୍ୟ ଅନୁଭବ ବ୍ୟକ୍ତିଗତ ଆଧାରରେ ବିଶ୍ୱବିଦ୍ୟାଳୟ ଅନୁଦାନ ଆୟୋଗ ନୂଆ ନିୟମ ପ୍ରସ୍ତୁତ କରିଛି। ଏହା ଶୀଘ୍ର କାର୍ଯ୍ୟକାରୀ ହେବ।
ଉତ୍ତର ଭାରତରେ ଶୀତ ଲହରୀ ଜାରି ରହିଛି। ଅନେକ ସ୍ଥାନରେ କୁହୁଡ଼ି ଯୋଗୁ ଟ୍ରେନ ଓ ବିମାନ ଚଳାଚଳ ପ୍ରଭାବିତ ହୋଇଛି।
ମୁମ୍ବାଇରେ ସୁରକ୍ଷା ବ୍ୟବସ୍ଥା କଡ଼ାକଡ଼ି କରାଯାଇଛି। ନୂଆ ବର୍ଷ ଉତ୍ସବ ପାଇଁ ପୋଲିସ ସତର୍କ ରହିଛି। ସୀମାନ୍ତରେ ଅତିରିକ୍ତ ବାହିନୀ ମୁତୟନ କରାଯାଇଛି।	ଚାଇନାର ହେଇଲୋଙ୍ଗଜିଆଙ୍ଗ ପ୍ରଦେଶର ରାଜଧାନୀ ହାର୍ବିନ୍‌ରେ ଅନୁଷ୍ଠିତ ହେବାକୁ ଥିବା ଅନ୍ତର୍ଜାତୀୟ ବରଫ ମହୋତ୍ସବ ନିମନ୍ତେ ପ୍ରସ୍ତୁତ ବରଫ ପ୍ରତିମୂର୍ତ୍ତି।
ଧରିତ୍ରୀର ବିଭିନ୍ନ ଅଫିସ ଓ ପ୍ରତିନିଧିଙ୍କ ଟେଲିଫୋନ ନମ୍ବର	ଭୁବନେଶ୍ୱର(Code.0674)2580101(Advt.), 2580102 (News), Fax No. 2580795.GRAM-Dharitri, ନୂଆଦିଲ୍ଲୀ-(011) 24107152, କଟକ ଅଫିସ-(0671)2321004,
2322004, ସମ୍ବଲପୁର ଅଫିସ-(0663) 2405818, ବ୍ରହ୍ମପୁର ଅଫିସ-(0680) 2292228, ବାଲେଶ୍ୱର ଅଫିସ-(06782) 262020, ବରଗଡ଼ ଅଫିସ-(06646) 234789,
ଅଙ୍ଗୁଳ-(06764) 232556, ଢେଙ୍କାନାଳ-(06762) 224254, କୋରାପୁଟ-(06852) 251580, ରାଉରକେଲା-(0661) 2643242, ଝାରସୁଗୁଡ଼ା-(06645) 270235,
ଯାଜପୁର-(06728) 221081, ଭଦ୍ରକ-(06784) 250425, ପୁରୀ-(06752) 221922, କେନ୍ଦ୍ରାପଡ଼ା-(06727) 232420, ନୟାଗଡ଼-(06753) 252710,
ବଲାଙ୍ଗୀର-(06652) 234333, ଭବାନୀପାଟଣା-(06670) 232283, ରାୟଗଡ଼ା-(06856) 223450, ବାରିପଦା-(06792) 258888, ଜଗତସିଂହପୁର-(06724) 223314,
ବୌଦ୍ଧ-(06841) 222545, ନୂଆପଡ଼ା-(06678) 223068, କନ୍ଧମାଳ-(06842) 254817, ମାଲକାନଗିରି-(06861) 230421, ଦେବଗଡ଼-9937446999.
